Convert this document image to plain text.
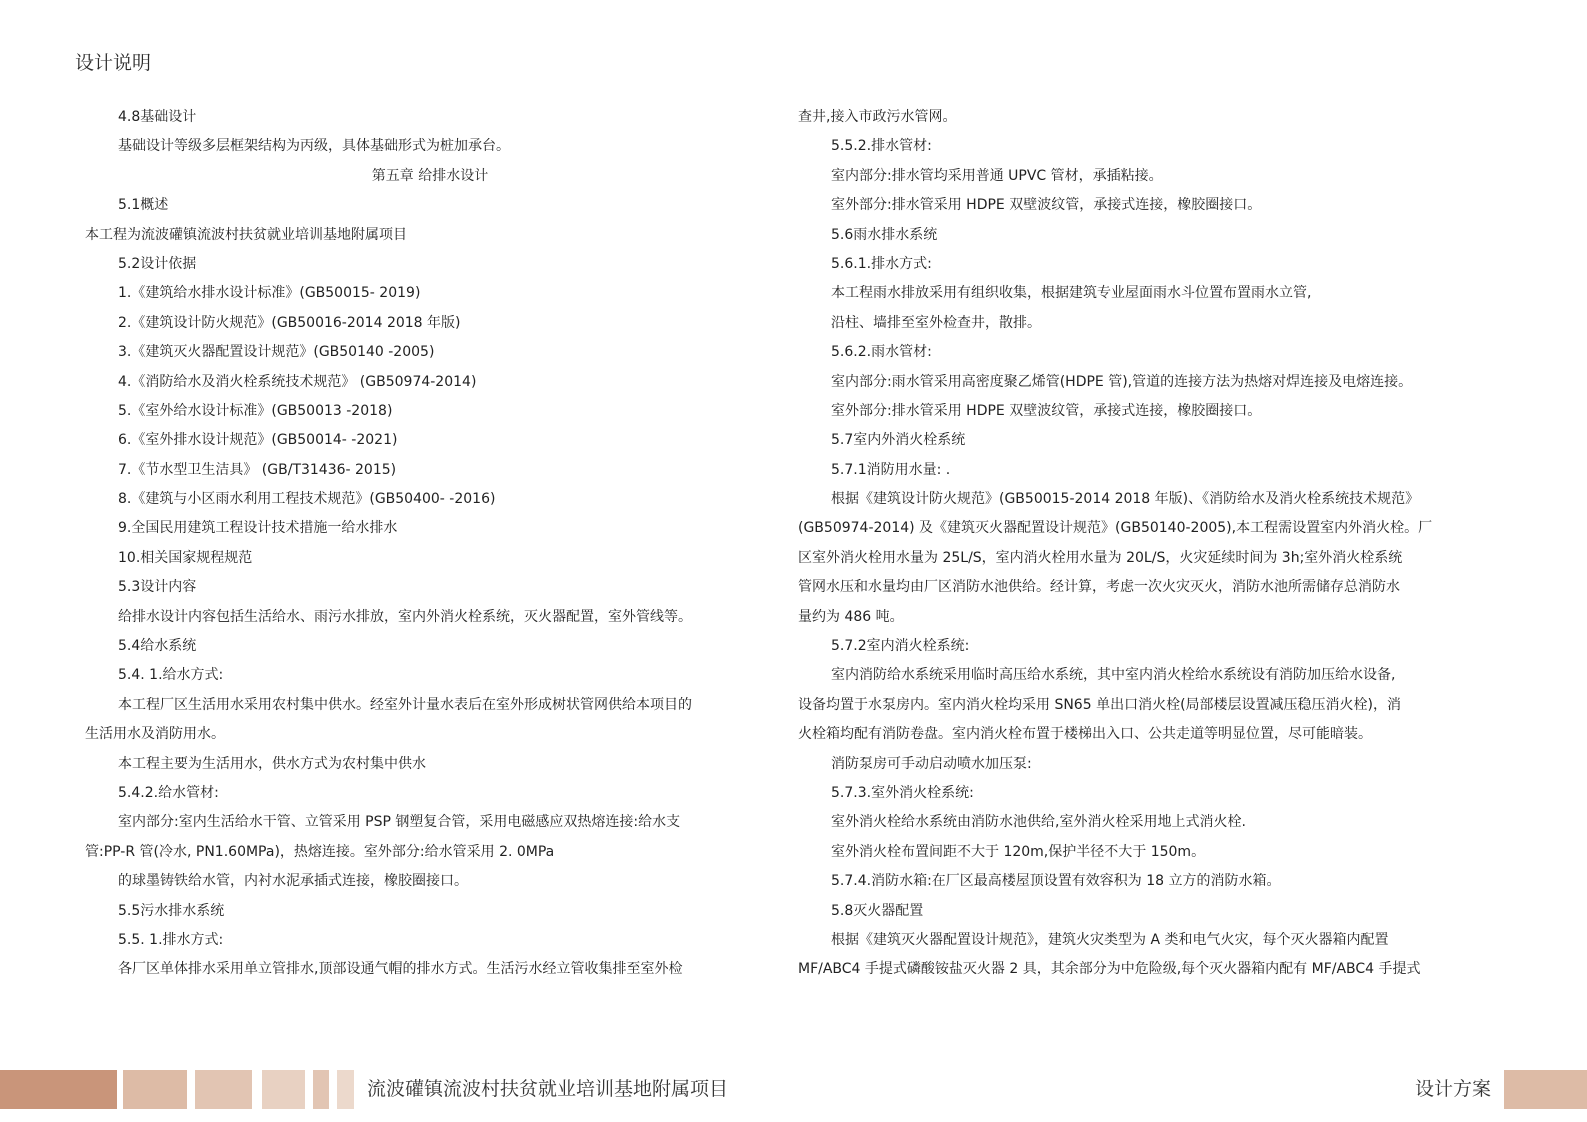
设计说明
4.8基础设计
基础设计等级多层框架结构为丙级，具体基础形式为桩加承台。
第五章 给排水设计
5.1概述
本工程为流波礶镇流波村扶贫就业培训基地附属项目
5.2设计依据
1.《建筑给水排水设计标准》(GB50015- 2019)
2.《建筑设计防火规范》(GB50016-2014 2018 年版)
3.《建筑灭火器配置设计规范》(GB50140 -2005)
4.《消防给水及消火栓系统技术规范》 (GB50974-2014)
5.《室外给水设计标准》(GB50013 -2018)
6.《室外排水设计规范》(GB50014- -2021)
7.《节水型卫生洁具》 (GB/T31436- 2015)
8.《建筑与小区雨水利用工程技术规范》(GB50400- -2016)
9.全国民用建筑工程设计技术措施一给水排水
10.相关国家规程规范
5.3设计内容
给排水设计内容包括生活给水、雨污水排放，室内外消火栓系统，灭火器配置，室外管线等。
5.4给水系统
5.4. 1.给水方式:
本工程厂区生活用水采用农村集中供水。经室外计量水表后在室外形成树状管网供给本项目的
生活用水及消防用水。
本工程主要为生活用水，供水方式为农村集中供水
5.4.2.给水管材:
室内部分:室内生活给水干管、立管采用 PSP 钢塑复合管，采用电磁感应双热熔连接:给水支
管:PP-R 管(冷水, PN1.60MPa)，热熔连接。室外部分:给水管采用 2. 0MPa
的球墨铸铁给水管，内衬水泥承插式连接，橡胶圈接口。
5.5污水排水系统
5.5. 1.排水方式:
各厂区单体排水采用单立管排水,顶部设通气帽的排水方式。生活污水经立管收集排至室外检
查井,接入市政污水管网。
5.5.2.排水管材:
室内部分:排水管均采用普通 UPVC 管材，承插粘接。
室外部分:排水管采用 HDPE 双壁波纹管，承接式连接，橡胶圈接口。
5.6雨水排水系统
5.6.1.排水方式:
本工程雨水排放采用有组织收集，根据建筑专业屋面雨水斗位置布置雨水立管,
沿柱、墙排至室外检查井，散排。
5.6.2.雨水管材:
室内部分:雨水管采用高密度聚乙烯管(HDPE 管),管道的连接方法为热熔对焊连接及电熔连接。
室外部分:排水管采用 HDPE 双壁波纹管，承接式连接，橡胶圈接口。
5.7室内外消火栓系统
5.7.1消防用水量: .
根据《建筑设计防火规范》(GB50015-2014 2018 年版)、《消防给水及消火栓系统技术规范》
(GB50974-2014) 及《建筑灭火器配置设计规范》(GB50140-2005),本工程需设置室内外消火栓。厂
区室外消火栓用水量为 25L/S，室内消火栓用水量为 20L/S，火灾延续时间为 3h;室外消火栓系统
管网水压和水量均由厂区消防水池供给。经计算，考虑一次火灾灭火，消防水池所需储存总消防水
量约为 486 吨。
5.7.2室内消火栓系统:
室内消防给水系统采用临时高压给水系统，其中室内消火栓给水系统设有消防加压给水设备,
设备均置于水泵房内。室内消火栓均采用 SN65 单出口消火栓(局部楼层设置减压稳压消火栓)，消
火栓箱均配有消防卷盘。室内消火栓布置于楼梯出入口、公共走道等明显位置，尽可能暗装。
消防泵房可手动启动喷水加压泵:
5.7.3.室外消火栓系统:
室外消火栓给水系统由消防水池供给,室外消火栓采用地上式消火栓.
室外消火栓布置间距不大于 120m,保护半径不大于 150m。
5.7.4.消防水箱:在厂区最高楼屋顶设置有效容积为 18 立方的消防水箱。
5.8灭火器配置
根据《建筑灭火器配置设计规范》，建筑火灾类型为 A 类和电气火灾，每个灭火器箱内配置
MF/ABC4 手提式磷酸铵盐灭火器 2 具，其余部分为中危险级,每个灭火器箱内配有 MF/ABC4 手提式
流波礶镇流波村扶贫就业培训基地附属项目	设计方案
